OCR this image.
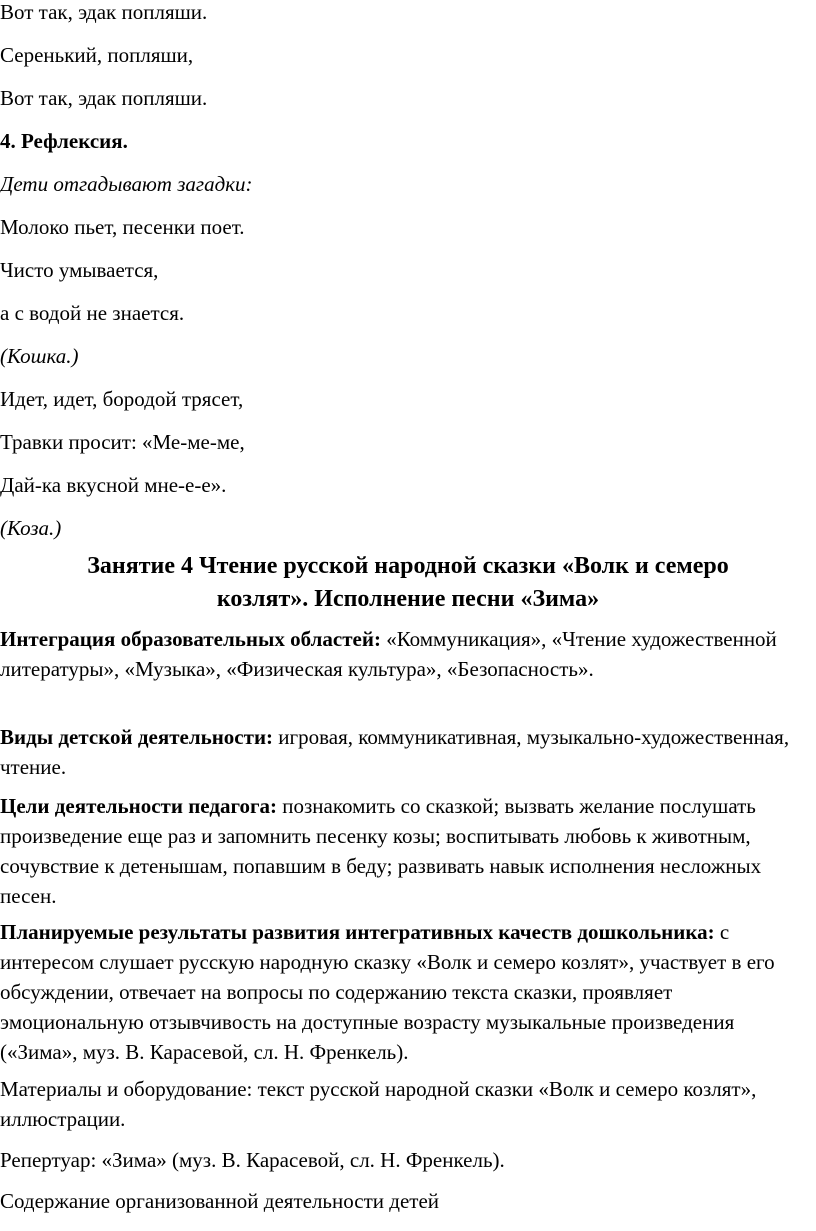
Вот так, эдак попляши.

Серенький, попляши,

Вот так, эдак попляши.

4. Рефлексия.

Дети отгадывают загадки:

Молоко пьет, песенки поет.

Чисто умывается,

а с водой не знается.

(Кошка.)

Идет, идет, бородой трясет,

Травки просит: «Ме-ме-ме,

Дай-ка вкусной мне-е-е».

(Коза.)

Занятие 4 Чтение русской народной сказки «Волк и семеро
козлят». Исполнение песни «Зима»

Интеграция образовательных областей: «Коммуникация», «Чтение художественной литературы», «Музыка», «Физическая культура», «Безопасность».

Виды детской деятельности: игровая, коммуникативная, музыкально-художественная, чтение.

Цели деятельности педагога: познакомить со сказкой; вызвать желание послушать произведение еще раз и запомнить песенку козы; воспитывать любовь к животным, сочувствие к детенышам, попавшим в беду; развивать навык исполнения несложных песен.

Планируемые результаты развития интегративных качеств дошкольника: с интересом слушает русскую народную сказку «Волк и семеро козлят», участвует в его обсуждении, отвечает на вопросы по содержанию текста сказки, проявляет эмоциональную отзывчивость на доступные возрасту музыкальные произведения («Зима», муз. В. Карасевой, сл. Н. Френкель).

Материалы и оборудование: текст русской народной сказки «Волк и семеро козлят», иллюстрации.

Репертуар: «Зима» (муз. В. Карасевой, сл. Н. Френкель).

Содержание организованной деятельности детей
